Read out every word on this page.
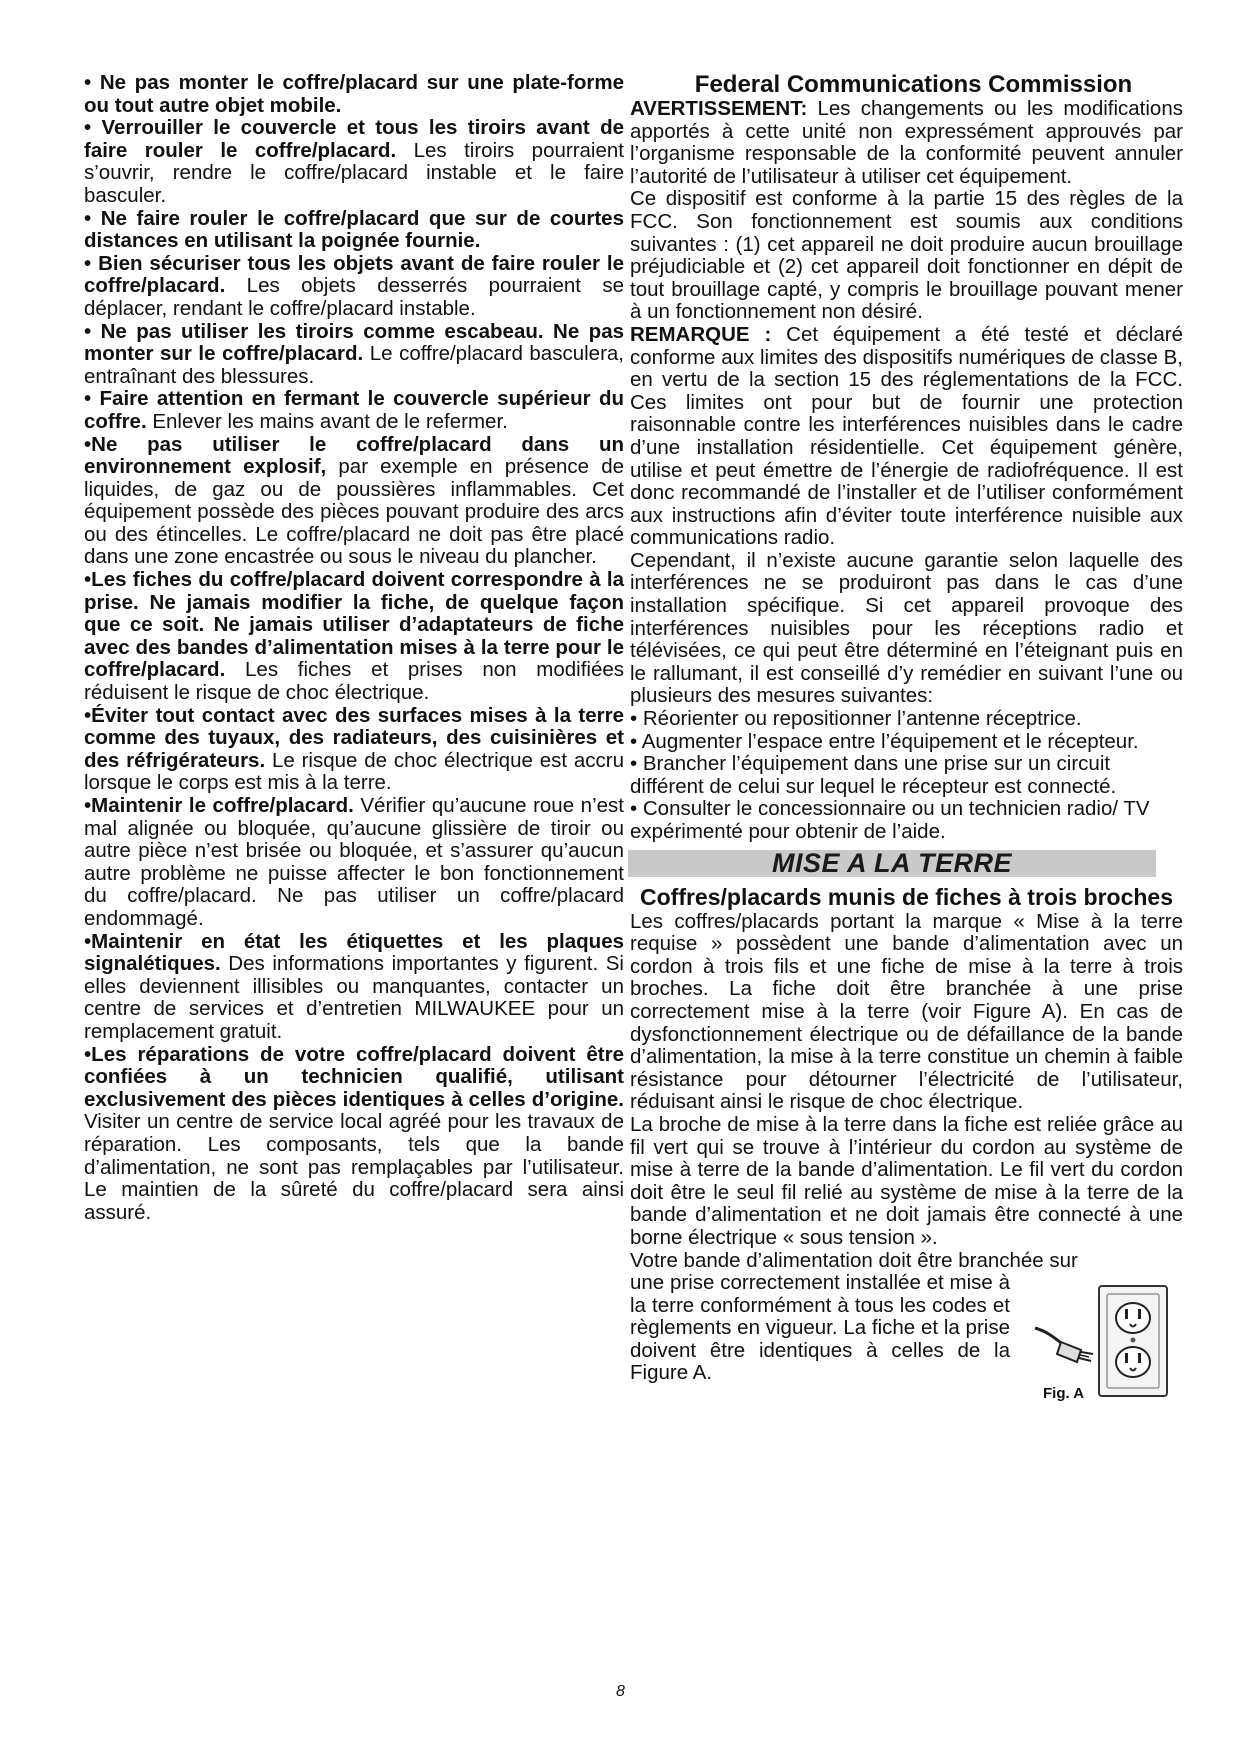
• Ne pas monter le coffre/placard sur une plate-forme ou tout autre objet mobile.

• Verrouiller le couvercle et tous les tiroirs avant de faire rouler le coffre/placard. Les tiroirs pourraient s’ouvrir, rendre le coffre/placard instable et le faire basculer.

• Ne faire rouler le coffre/placard que sur de courtes distances en utilisant la poignée fournie.

• Bien sécuriser tous les objets avant de faire rouler le coffre/placard. Les objets desserrés pourraient se déplacer, rendant le coffre/placard instable.

• Ne pas utiliser les tiroirs comme escabeau. Ne pas monter sur le coffre/placard. Le coffre/placard basculera, entraînant des blessures.

• Faire attention en fermant le couvercle supérieur du coffre. Enlever les mains avant de le refermer.

•Ne pas utiliser le coffre/placard dans un environnement explosif, par exemple en présence de liquides, de gaz ou de poussières inflammables. Cet équipement possède des pièces pouvant produire des arcs ou des étincelles. Le coffre/placard ne doit pas être placé dans une zone encastrée ou sous le niveau du plancher.

•Les fiches du coffre/placard doivent correspondre à la prise. Ne jamais modifier la fiche, de quelque façon que ce soit. Ne jamais utiliser d’adaptateurs de fiche avec des bandes d’alimentation mises à la terre pour le coffre/placard. Les fiches et prises non modifiées réduisent le risque de choc électrique.

•Éviter tout contact avec des surfaces mises à la terre comme des tuyaux, des radiateurs, des cuisinières et des réfrigérateurs. Le risque de choc électrique est accru lorsque le corps est mis à la terre.

•Maintenir le coffre/placard. Vérifier qu’aucune roue n’est mal alignée ou bloquée, qu’aucune glissière de tiroir ou autre pièce n’est brisée ou bloquée, et s’assurer qu’aucun autre problème ne puisse affecter le bon fonctionnement du coffre/placard. Ne pas utiliser un coffre/placard endommagé.

•Maintenir en état les étiquettes et les plaques signalétiques. Des informations importantes y figurent. Si elles deviennent illisibles ou manquantes, contacter un centre de services et d’entretien MILWAUKEE pour un remplacement gratuit.

•Les réparations de votre coffre/placard doivent être confiées à un technicien qualifié, utilisant exclusivement des pièces identiques à celles d’origine. Visiter un centre de service local agréé pour les travaux de réparation. Les composants, tels que la bande d’alimentation, ne sont pas remplaçables par l’utilisateur. Le maintien de la sûreté du coffre/placard sera ainsi assuré.

Federal Communications Commission

AVERTISSEMENT: Les changements ou les modifications apportés à cette unité non expressément approuvés par l’organisme responsable de la conformité peuvent annuler l’autorité de l’utilisateur à utiliser cet équipement.

Ce dispositif est conforme à la partie 15 des règles de la FCC. Son fonctionnement est soumis aux conditions suivantes : (1) cet appareil ne doit produire aucun brouillage préjudiciable et (2) cet appareil doit fonctionner en dépit de tout brouillage capté, y compris le brouillage pouvant mener à un fonctionnement non désiré.

REMARQUE : Cet équipement a été testé et déclaré conforme aux limites des dispositifs numériques de classe B, en vertu de la section 15 des réglementations de la FCC. Ces limites ont pour but de fournir une protection raisonnable contre les interférences nuisibles dans le cadre d’une installation résidentielle. Cet équipement génère, utilise et peut émettre de l’énergie de radiofréquence. Il est donc recommandé de l’installer et de l’utiliser conformément aux instructions afin d’éviter toute interférence nuisible aux communications radio.

Cependant, il n’existe aucune garantie selon laquelle des interférences ne se produiront pas dans le cas d’une installation spécifique. Si cet appareil provoque des interférences nuisibles pour les réceptions radio et télévisées, ce qui peut être déterminé en l’éteignant puis en le rallumant, il est conseillé d’y remédier en suivant l’une ou plusieurs des mesures suivantes:

• Réorienter ou repositionner l’antenne réceptrice.

• Augmenter l’espace entre l’équipement et le récepteur.

• Brancher l’équipement dans une prise sur un circuit différent de celui sur lequel le récepteur est connecté.

• Consulter le concessionnaire ou un technicien radio/ TV expérimenté pour obtenir de l’aide.

MISE A LA TERRE

Coffres/placards munis de fiches à trois broches

Les coffres/placards portant la marque « Mise à la terre requise » possèdent une bande d’alimentation avec un cordon à trois fils et une fiche de mise à la terre à trois broches. La fiche doit être branchée à une prise correctement mise à la terre (voir Figure A). En cas de dysfonctionnement électrique ou de défaillance de la bande d’alimentation, la mise à la terre constitue un chemin à faible résistance pour détourner l’électricité de l’utilisateur, réduisant ainsi le risque de choc électrique.

La broche de mise à la terre dans la fiche est reliée grâce au fil vert qui se trouve à l’intérieur du cordon au système de mise à terre de la bande d’alimentation. Le fil vert du cordon doit être le seul fil relié au système de mise à la terre de la bande d’alimentation et ne doit jamais être connecté à une borne électrique « sous tension ».

Votre bande d’alimentation doit être branchée sur

une prise correctement installée et mise à la terre conformément à tous les codes et règlements en vigueur. La fiche et la prise doivent être identiques à celles de la Figure A.

Fig. A
8
